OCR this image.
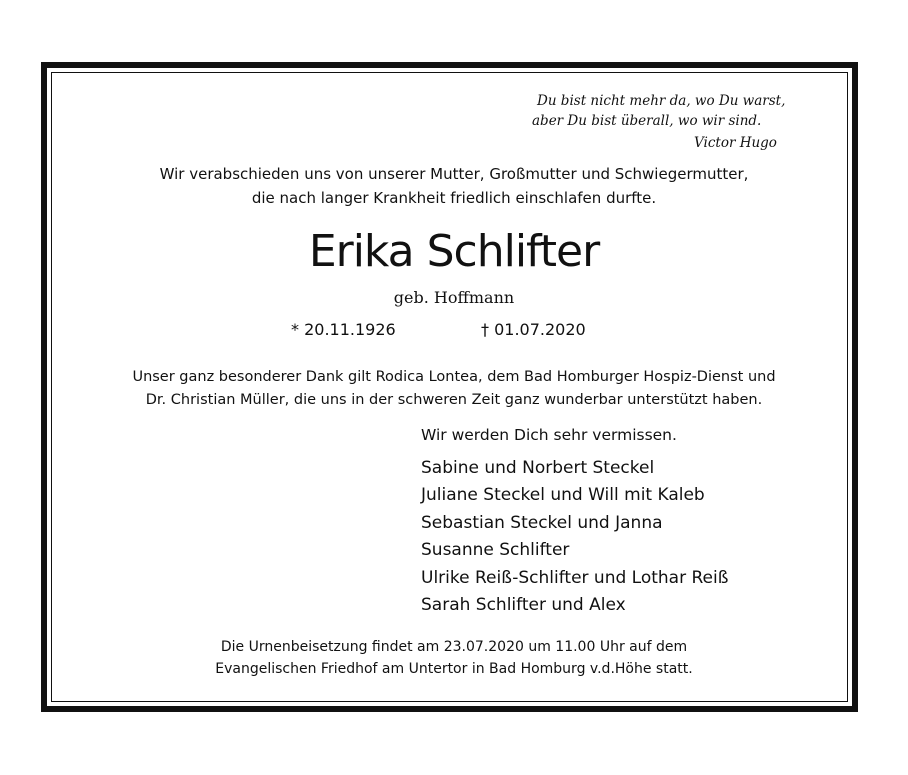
Du bist nicht mehr da, wo Du warst,
aber Du bist überall, wo wir sind.
Victor Hugo
Wir verabschieden uns von unserer Mutter, Großmutter und Schwiegermutter,
die nach langer Krankheit friedlich einschlafen durfte.
Erika Schlifter
geb. Hoffmann
* 20.11.1926	† 01.07.2020
Unser ganz besonderer Dank gilt Rodica Lontea, dem Bad Homburger Hospiz-Dienst und
Dr. Christian Müller, die uns in der schweren Zeit ganz wunderbar unterstützt haben.
Wir werden Dich sehr vermissen.
Sabine und Norbert Steckel
Juliane Steckel und Will mit Kaleb
Sebastian Steckel und Janna
Susanne Schlifter
Ulrike Reiß-Schlifter und Lothar Reiß
Sarah Schlifter und Alex
Die Urnenbeisetzung findet am 23.07.2020 um 11.00 Uhr auf dem
Evangelischen Friedhof am Untertor in Bad Homburg v.d.Höhe statt.
